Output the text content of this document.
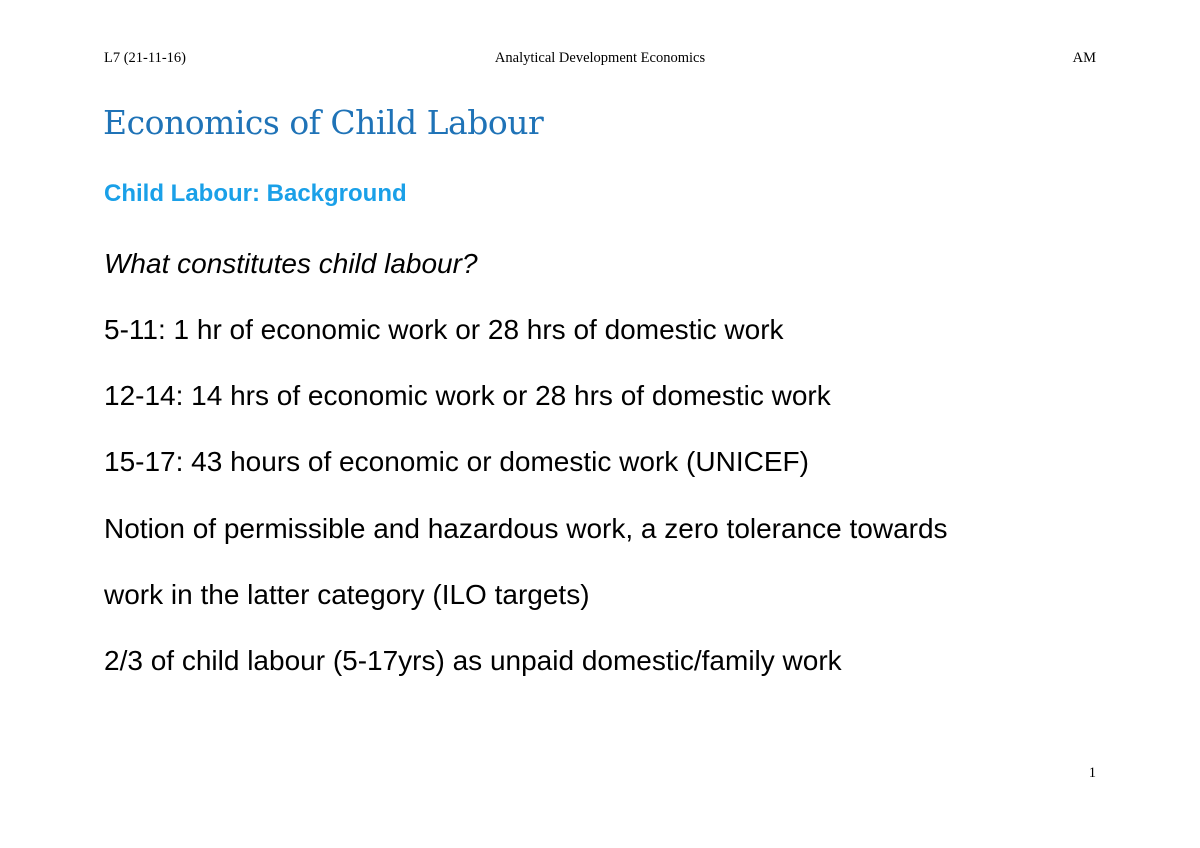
L7 (21-11-16)	Analytical Development Economics	AM
Economics of Child Labour
Child Labour: Background
What constitutes child labour?
5-11: 1 hr of economic work or 28 hrs of domestic work
12-14: 14 hrs of economic work or 28 hrs of domestic work
15-17: 43 hours of economic or domestic work (UNICEF)
Notion of permissible and hazardous work, a zero tolerance towards
work in the latter category (ILO targets)
2/3 of child labour (5-17yrs) as unpaid domestic/family work
1
